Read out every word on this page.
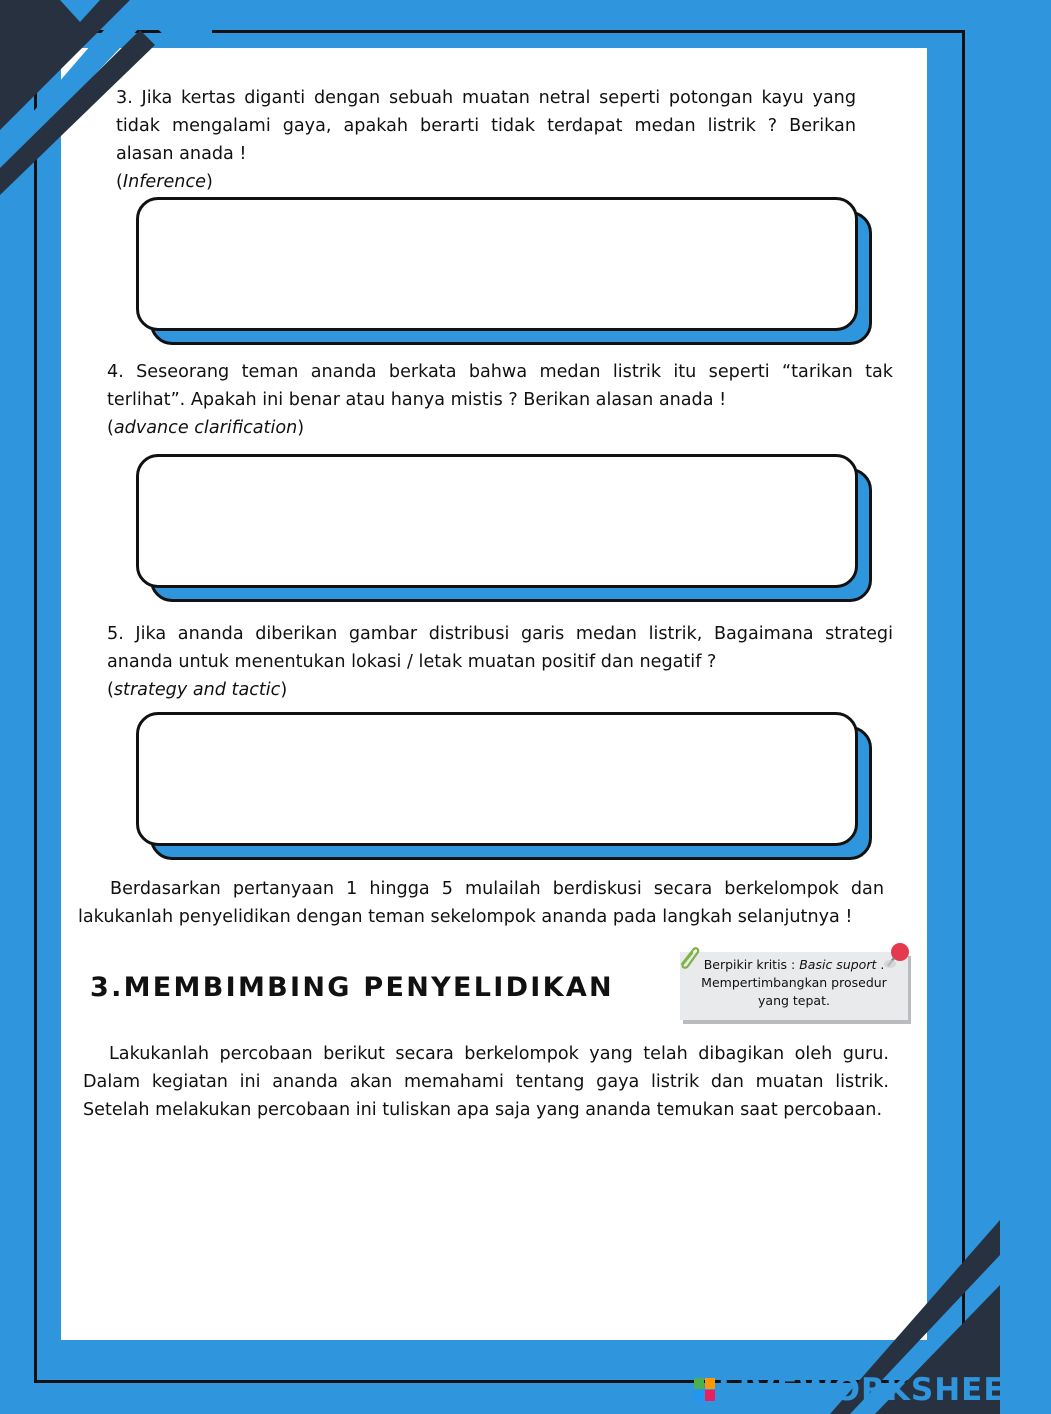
3. Jika kertas diganti dengan sebuah muatan netral seperti potongan kayu yang
tidak mengalami gaya, apakah berarti tidak terdapat medan listrik ? Berikan
alasan anada !
(Inference)
4. Seseorang teman ananda berkata bahwa medan listrik itu seperti “tarikan tak
terlihat”. Apakah ini benar atau hanya mistis ? Berikan alasan anada !
(advance clarification)
5. Jika ananda diberikan gambar distribusi garis medan listrik, Bagaimana strategi
ananda untuk menentukan lokasi / letak muatan positif dan negatif ?
(strategy and tactic)
Berdasarkan pertanyaan 1 hingga 5 mulailah berdiskusi secara berkelompok dan
lakukanlah penyelidikan dengan teman sekelompok ananda pada langkah selanjutnya !
3.MEMBIMBING PENYELIDIKAN
Berpikir kritis : Basic suport .
Mempertimbangkan prosedur
yang tepat.
Lakukanlah percobaan berikut secara berkelompok yang telah dibagikan oleh guru.
Dalam kegiatan ini ananda akan memahami tentang gaya listrik dan muatan listrik.
Setelah melakukan percobaan ini tuliskan apa saja yang ananda temukan saat percobaan.
LIVEWORKSHEETS
